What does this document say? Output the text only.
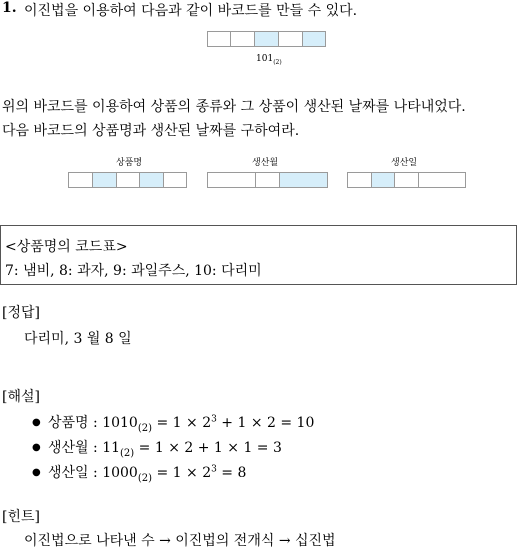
1. 이진법을 이용하여 다음과 같이 바코드를 만들 수 있다.
$101_{(2)}$
위의 바코드를 이용하여 상품의 종류와 그 상품이 생산된 날짜를 나타내었다.
다음 바코드의 상품명과 생산된 날짜를 구하여라.
상품명	생산월	생산일
<상품명의 코드표>
7: 냄비, 8: 과자, 9: 과일주스, 10: 다리미
[정답]
다리미, 3 월 8 일
[해설]
● 상품명 : $1010_{(2)} = 1 \times 2^3 + 1 \times 2 = 10$
● 생산월 : $11_{(2)} = 1 \times 2 + 1 \times 1 = 3$
● 생산일 : $1000_{(2)} = 1 \times 2^3 = 8$
[힌트]
이진법으로 나타낸 수 → 이진법의 전개식 → 십진법
